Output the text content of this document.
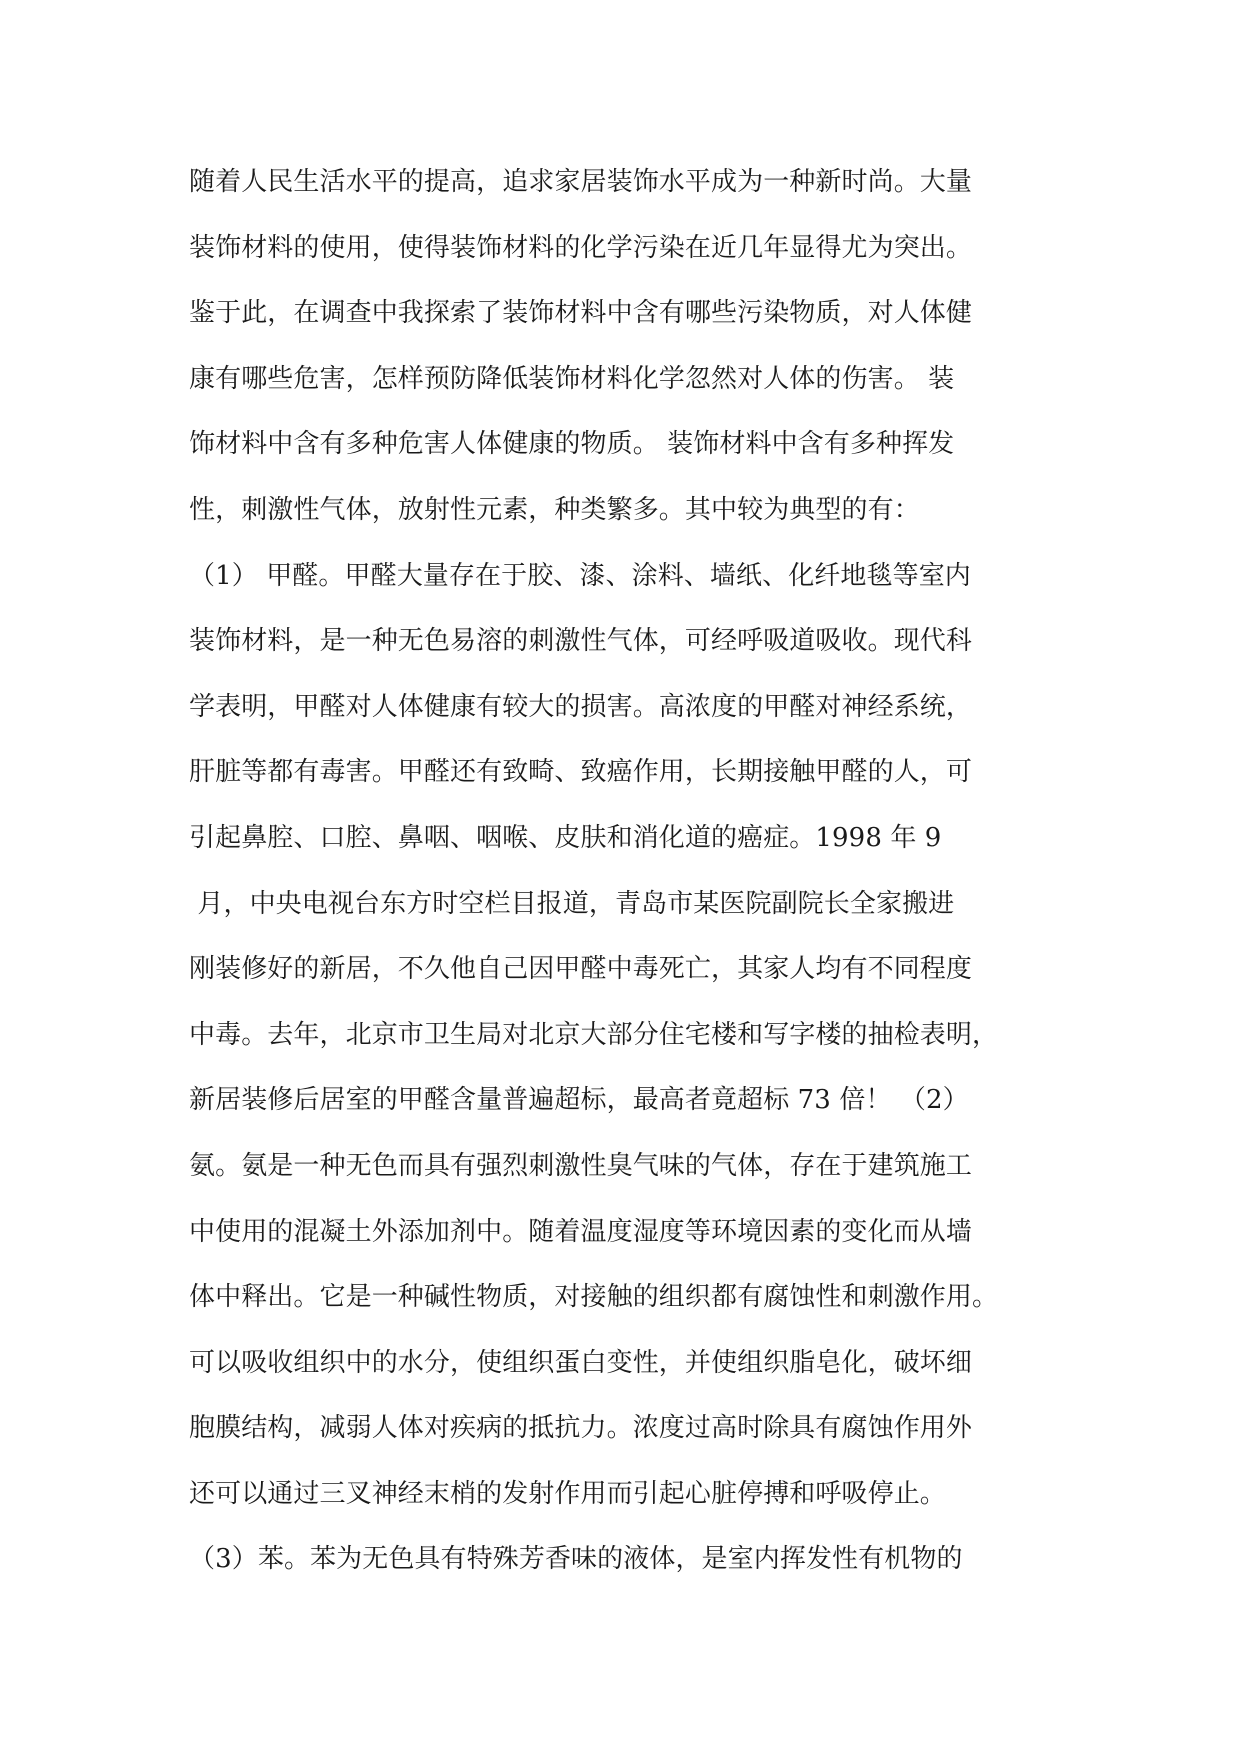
随着人民生活水平的提高，追求家居装饰水平成为一种新时尚。大量
装饰材料的使用，使得装饰材料的化学污染在近几年显得尤为突出。
鉴于此，在调查中我探索了装饰材料中含有哪些污染物质，对人体健
康有哪些危害，怎样预防降低装饰材料化学忽然对人体的伤害。 装
饰材料中含有多种危害人体健康的物质。 装饰材料中含有多种挥发
性，刺激性气体，放射性元素，种类繁多。其中较为典型的有：
（1） 甲醛。甲醛大量存在于胶、漆、涂料、墙纸、化纤地毯等室内
装饰材料，是一种无色易溶的刺激性气体，可经呼吸道吸收。现代科
学表明，甲醛对人体健康有较大的损害。高浓度的甲醛对神经系统，
肝脏等都有毒害。甲醛还有致畸、致癌作用，长期接触甲醛的人，可
引起鼻腔、口腔、鼻咽、咽喉、皮肤和消化道的癌症。1998 年 9
月，中央电视台东方时空栏目报道，青岛市某医院副院长全家搬进
刚装修好的新居，不久他自己因甲醛中毒死亡，其家人均有不同程度
中毒。去年，北京市卫生局对北京大部分住宅楼和写字楼的抽检表明，
新居装修后居室的甲醛含量普遍超标，最高者竟超标 73 倍！ （2）
氨。氨是一种无色而具有强烈刺激性臭气味的气体，存在于建筑施工
中使用的混凝土外添加剂中。随着温度湿度等环境因素的变化而从墙
体中释出。它是一种碱性物质，对接触的组织都有腐蚀性和刺激作用。
可以吸收组织中的水分，使组织蛋白变性，并使组织脂皂化，破坏细
胞膜结构，减弱人体对疾病的抵抗力。浓度过高时除具有腐蚀作用外
还可以通过三叉神经末梢的发射作用而引起心脏停搏和呼吸停止。
（3）苯。苯为无色具有特殊芳香味的液体，是室内挥发性有机物的
